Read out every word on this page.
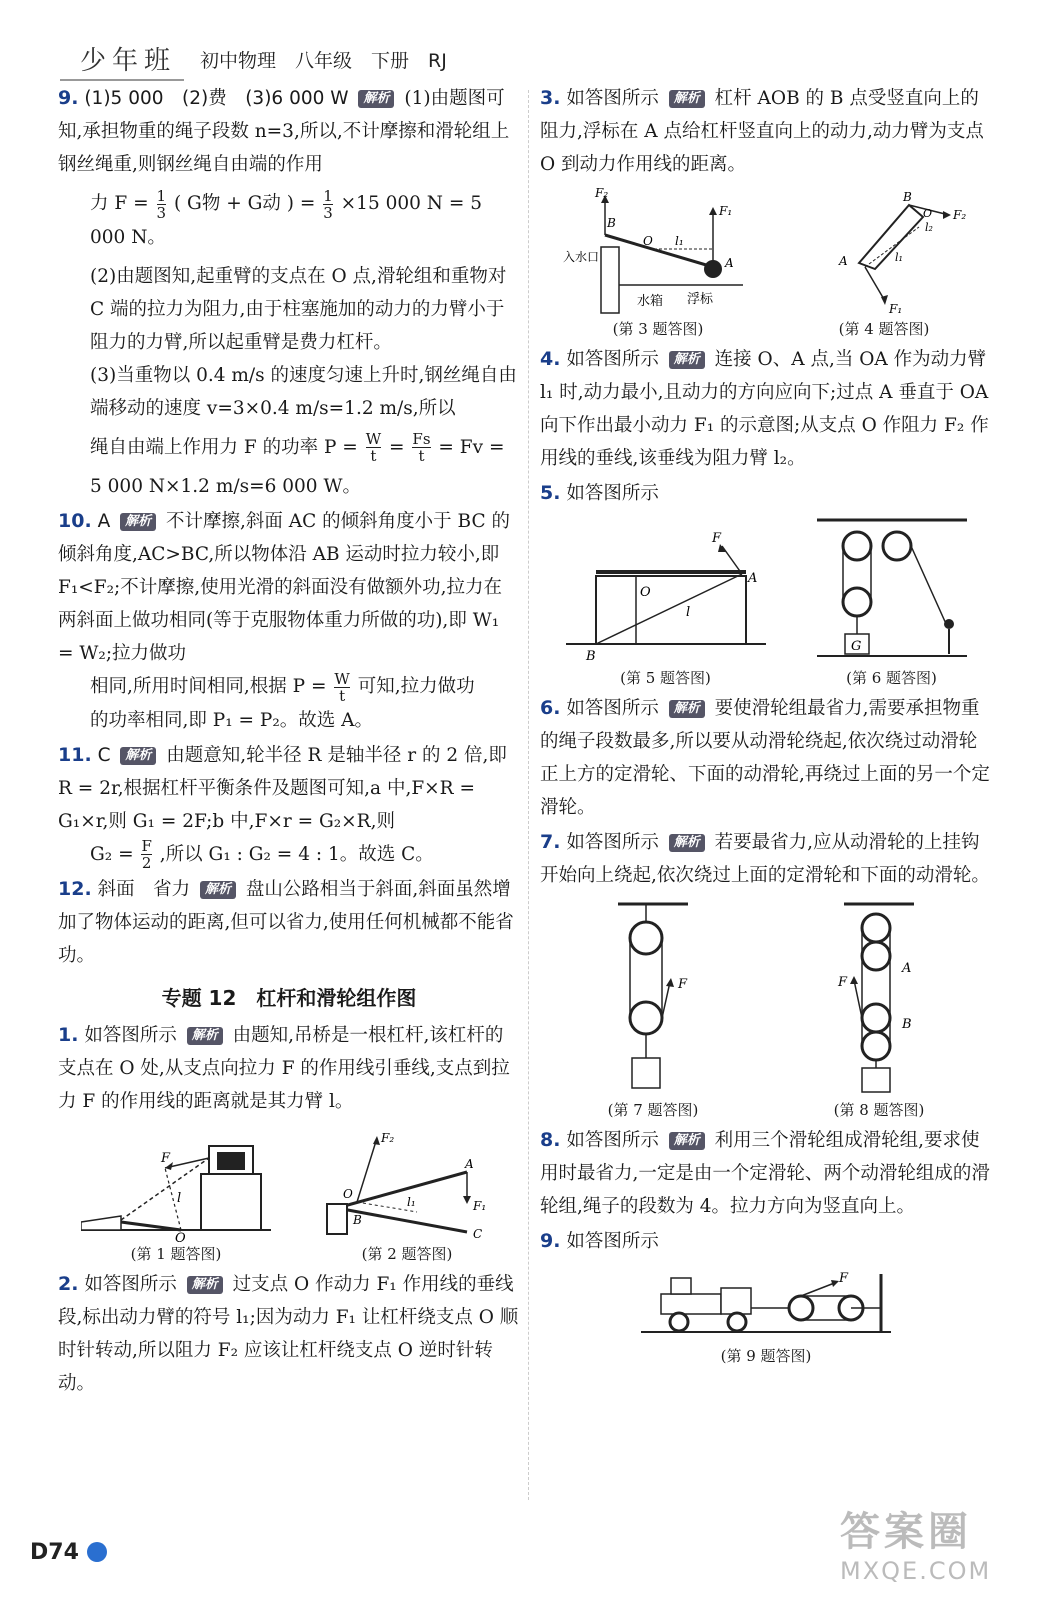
少年班	初中物理　八年级　下册　RJ
9. (1)5 000　(2)费　(3)6 000 W 解析 (1)由题图可知,承担物重的绳子段数 n=3,所以,不计摩擦和滑轮组上钢丝绳重,则钢丝绳自由端的作用
力 $F = \frac{1}{3}$ ( G物 + G动 ) = $\frac{1}{3} \times 15$ 000 N = 5 000 N。
(2)由题图知,起重臂的支点在 O 点,滑轮组和重物对 C 端的拉力为阻力,由于柱塞施加的动力的力臂小于阻力的力臂,所以起重臂是费力杠杆。
(3)当重物以 0.4 m/s 的速度匀速上升时,钢丝绳自由端移动的速度 v=3×0.4 m/s=1.2 m/s,所以
绳自由端上作用力 F 的功率 $P = \frac{W}{t} = \frac{Fs}{t} = Fv$ =
5 000 N×1.2 m/s=6 000 W。
10. A 解析 不计摩擦,斜面 AC 的倾斜角度小于 BC 的倾斜角度,AC>BC,所以物体沿 AB 运动时拉力较小,即 F₁<F₂;不计摩擦,使用光滑的斜面没有做额外功,拉力在两斜面上做功相同(等于克服物体重力所做的功),即 W₁ = W₂;拉力做功
相同,所用时间相同,根据 $P = \frac{W}{t}$ 可知,拉力做功
的功率相同,即 P₁ = P₂。故选 A。
11. C 解析 由题意知,轮半径 R 是轴半径 r 的 2 倍,即 R = 2r,根据杠杆平衡条件及题图可知,a 中,F×R = G₁×r,则 G₁ = 2F;b 中,F×r = G₂×R,则
$G_2 = \frac{F}{2}$ ,所以 G₁ : G₂ = 4 : 1。故选 C。
12. 斜面　省力 解析 盘山公路相当于斜面,斜面虽然增加了物体运动的距离,但可以省力,使用任何机械都不能省功。
专题 12　杠杆和滑轮组作图
1. 如答图所示 解析 由题知,吊桥是一根杠杆,该杠杆的支点在 O 处,从支点向拉力 F 的作用线引垂线,支点到拉力 F 的作用线的距离就是其力臂 l。
F
l
O
(第 1 题答图)
F₂
A
O
l₁
B
F₁
C
(第 2 题答图)
2. 如答图所示 解析 过支点 O 作动力 F₁ 作用线的垂线段,标出动力臂的符号 l₁;因为动力 F₁ 让杠杆绕支点 O 顺时针转动,所以阻力 F₂ 应该让杠杆绕支点 O 逆时针转动。
3. 如答图所示 解析 杠杆 AOB 的 B 点受竖直向上的阻力,浮标在 A 点给杠杆竖直向上的动力,动力臂为支点 O 到动力作用线的距离。
F₂
B
O l₁
F₁
A
入水口
水箱 浮标
(第 3 题答图)
B
F₂
l₂
A	l₁
F₁
O
(第 4 题答图)
4. 如答图所示 解析 连接 O、A 点,当 OA 作为动力臂 l₁ 时,动力最小,且动力的方向应向下;过点 A 垂直于 OA 向下作出最小动力 F₁ 的示意图;从支点 O 作阻力 F₂ 作用线的垂线,该垂线为阻力臂 l₂。
5. 如答图所示
F
A
O
l
B
(第 5 题答图)
G
(第 6 题答图)
6. 如答图所示 解析 要使滑轮组最省力,需要承担物重的绳子段数最多,所以要从动滑轮绕起,依次绕过动滑轮正上方的定滑轮、下面的动滑轮,再绕过上面的另一个定滑轮。
7. 如答图所示 解析 若要最省力,应从动滑轮的上挂钩开始向上绕起,依次绕过上面的定滑轮和下面的动滑轮。
F
(第 7 题答图)
A
F
B
(第 8 题答图)
8. 如答图所示 解析 利用三个滑轮组成滑轮组,要求使用时最省力,一定是由一个定滑轮、两个动滑轮组成的滑轮组,绳子的段数为 4。拉力方向为竖直向上。
9. 如答图所示
F
(第 9 题答图)
D74	答案圈
MXQE.COM
